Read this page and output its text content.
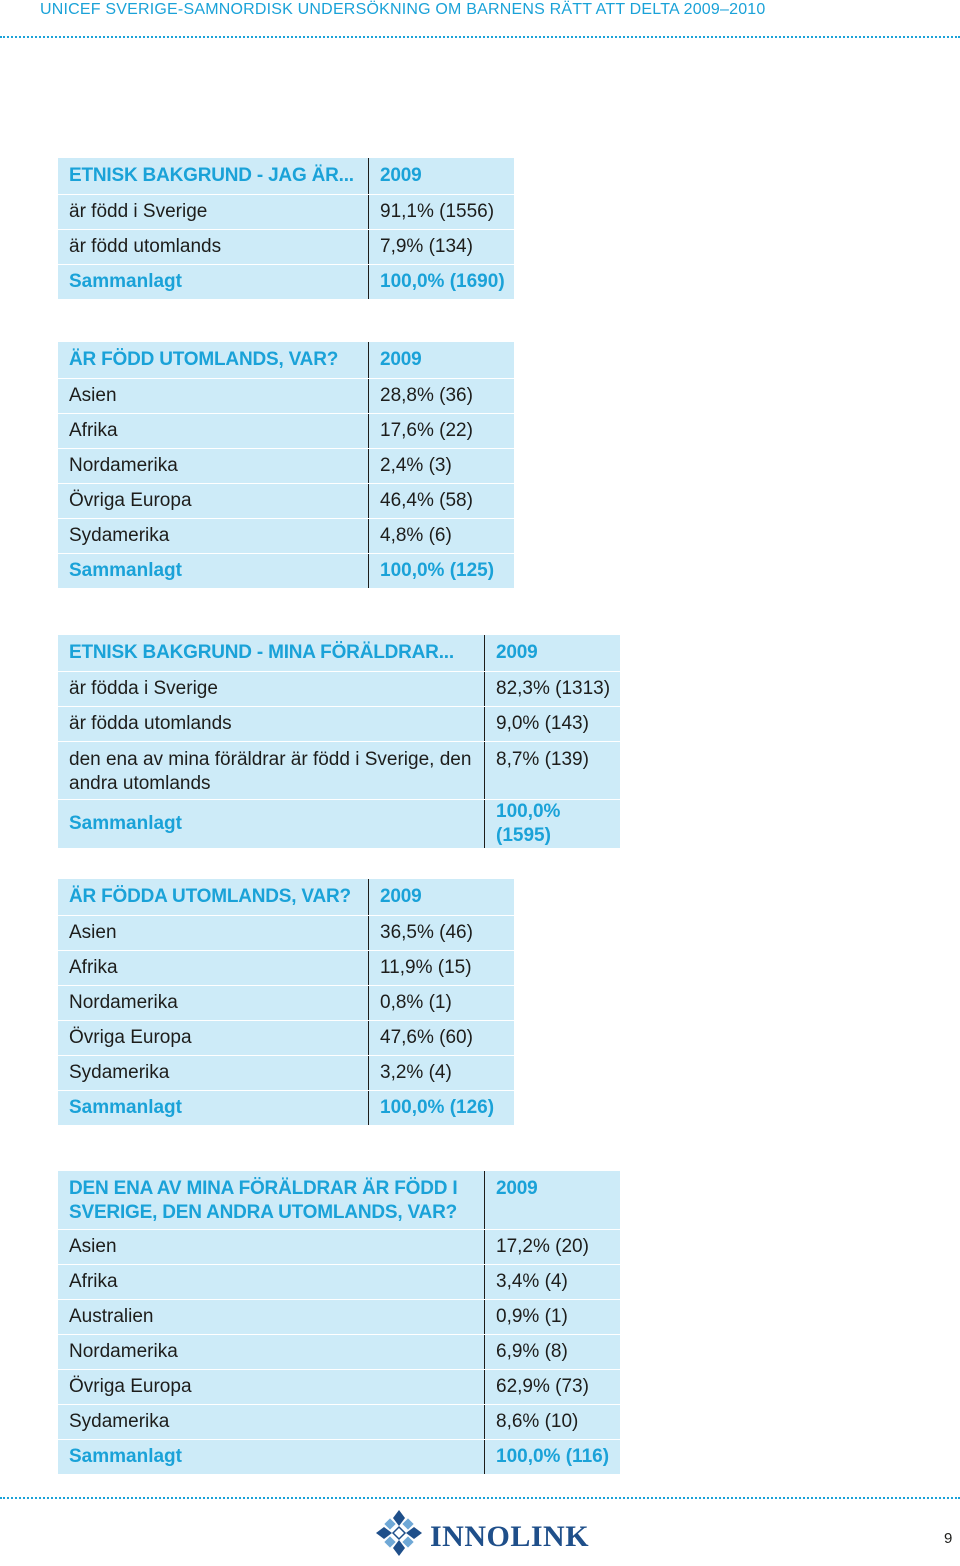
UNICEF SVERIGE-SAMNORDISK UNDERSÖKNING OM BARNENS RÄTT ATT DELTA 2009–2010
ETNISK BAKGRUND - JAG ÄR...	2009
är född i Sverige	91,1% (1556)
är född utomlands	7,9% (134)
Sammanlagt	100,0% (1690)
ÄR FÖDD UTOMLANDS, VAR?	2009
Asien	28,8% (36)
Afrika	17,6% (22)
Nordamerika	2,4% (3)
Övriga Europa	46,4% (58)
Sydamerika	4,8% (6)
Sammanlagt	100,0% (125)
ETNISK BAKGRUND - MINA FÖRÄLDRAR...	2009
är födda i Sverige	82,3% (1313)
är födda utomlands	9,0% (143)
den ena av mina föräldrar är född i Sverige, den andra utomlands	8,7% (139)
Sammanlagt	100,0% (1595)
ÄR FÖDDA UTOMLANDS, VAR?	2009
Asien	36,5% (46)
Afrika	11,9% (15)
Nordamerika	0,8% (1)
Övriga Europa	47,6% (60)
Sydamerika	3,2% (4)
Sammanlagt	100,0% (126)
DEN ENA AV MINA FÖRÄLDRAR ÄR FÖDD I SVERIGE, DEN ANDRA UTOMLANDS, VAR?	2009
Asien	17,2% (20)
Afrika	3,4% (4)
Australien	0,9% (1)
Nordamerika	6,9% (8)
Övriga Europa	62,9% (73)
Sydamerika	8,6% (10)
Sammanlagt	100,0% (116)
INNOLINK	9
